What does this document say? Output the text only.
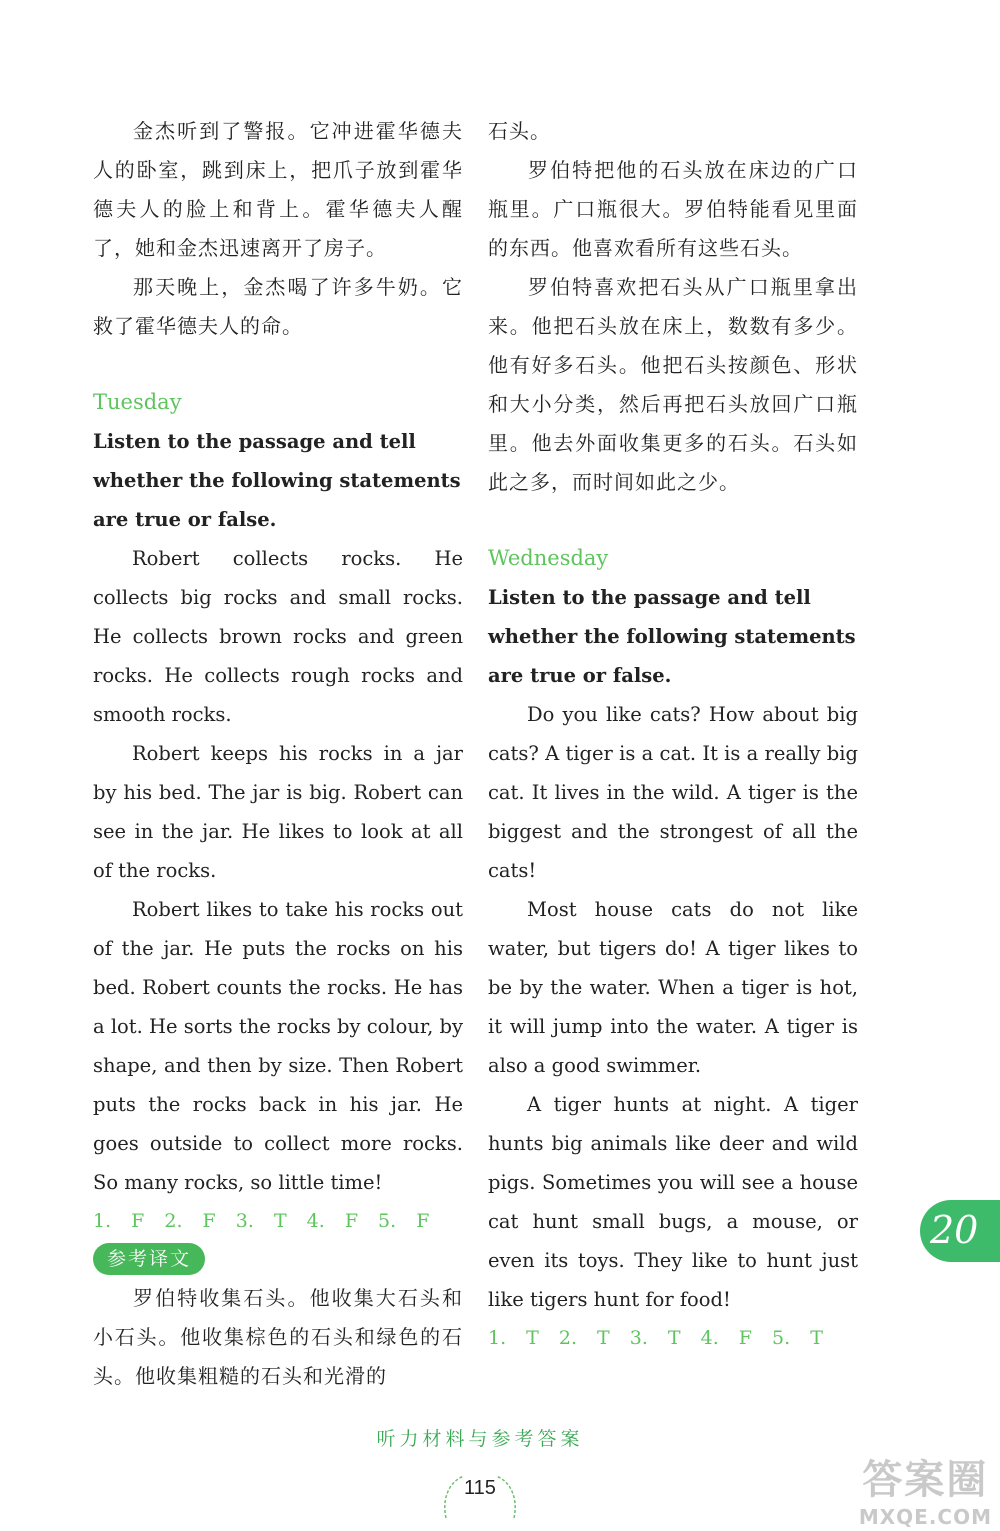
金杰听到了警报。它冲进霍华德夫人的卧室，跳到床上，把爪子放到霍华德夫人的脸上和背上。霍华德夫人醒了，她和金杰迅速离开了房子。

那天晚上，金杰喝了许多牛奶。它救了霍华德夫人的命。

Tuesday
Listen to the passage and tell whether the following statements are true or false.

Robert collects rocks. He collects big rocks and small rocks. He collects brown rocks and green rocks. He collects rough rocks and smooth rocks.

Robert keeps his rocks in a jar by his bed. The jar is big. Robert can see in the jar. He likes to look at all of the rocks.

Robert likes to take his rocks out of the jar. He puts the rocks on his bed. Robert counts the rocks. He has a lot. He sorts the rocks by colour, by shape, and then by size. Then Robert puts the rocks back in his jar. He goes outside to collect more rocks. So many rocks, so little time!

1. F 2. F 3. T 4. F 5. F
参考译文

罗伯特收集石头。他收集大石头和小石头。他收集棕色的石头和绿色的石头。他收集粗糙的石头和光滑的

石头。

罗伯特把他的石头放在床边的广口瓶里。广口瓶很大。罗伯特能看见里面的东西。他喜欢看所有这些石头。

罗伯特喜欢把石头从广口瓶里拿出来。他把石头放在床上，数数有多少。他有好多石头。他把石头按颜色、形状和大小分类，然后再把石头放回广口瓶里。他去外面收集更多的石头。石头如此之多，而时间如此之少。

Wednesday
Listen to the passage and tell whether the following statements are true or false.

Do you like cats? How about big cats? A tiger is a cat. It is a really big cat. It lives in the wild. A tiger is the biggest and the strongest of all the cats!

Most house cats do not like water, but tigers do! A tiger likes to be by the water. When a tiger is hot, it will jump into the water. A tiger is also a good swimmer.

A tiger hunts at night. A tiger hunts big animals like deer and wild pigs. Sometimes you will see a house cat hunt small bugs, a mouse, or even its toys. They like to hunt just like tigers hunt for food!

1. T 2. T 3. T 4. F 5. T
20
听力材料与参考答案
115	答案圈
MXQE.COM
